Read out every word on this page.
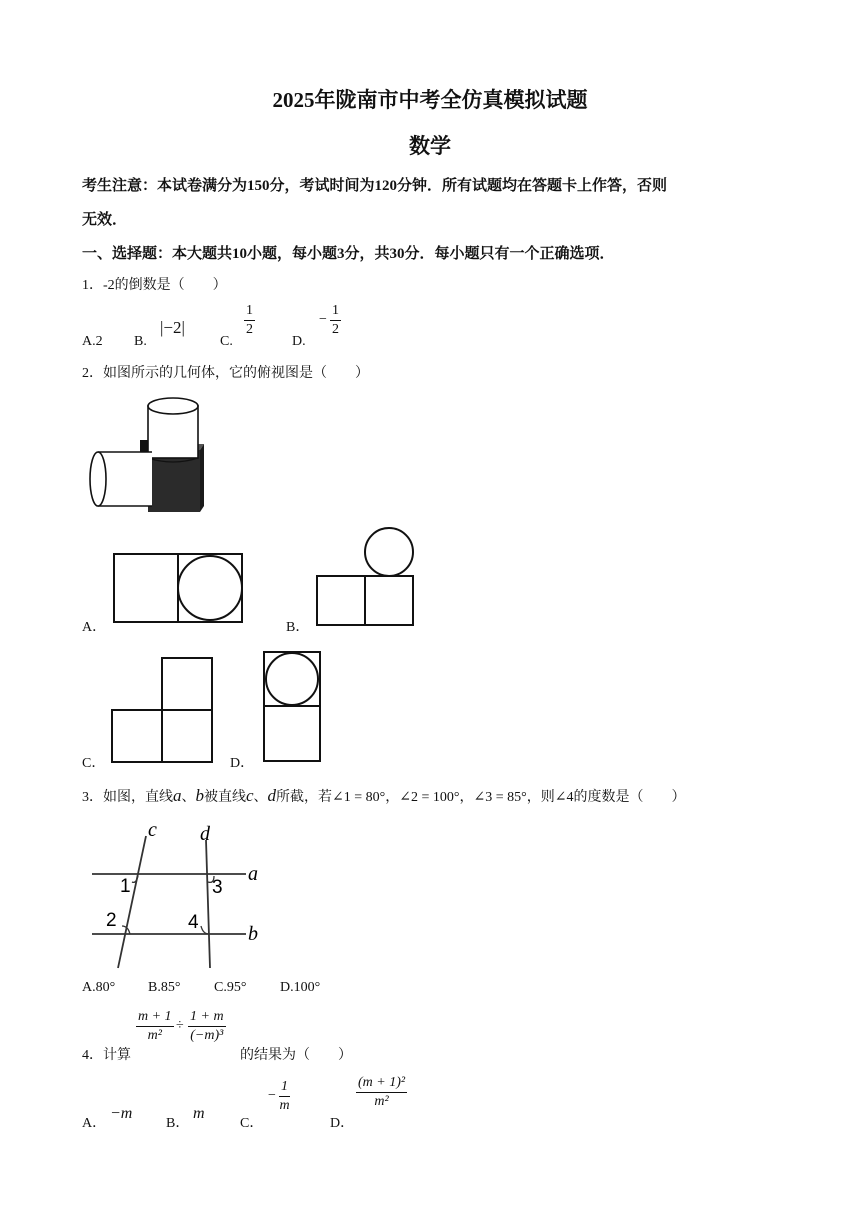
2025年陇南市中考全仿真模拟试题
数学
考生注意：本试卷满分为150分，考试时间为120分钟．所有试题均在答题卡上作答，否则
无效．
一、选择题：本大题共10小题，每小题3分，共30分．每小题只有一个正确选项．
1．-2的倒数是（　　）
A.2 B.
|−2|
C.
$\frac{1}{2}$
D.
− $\frac{1}{2}$
2．如图所示的几何体，它的俯视图是（　　）
A．	B．
C．	D．
3．如图，直线a、b被直线c、d所截，若∠1 = 80°，∠2 = 100°，∠3 = 85°，则∠4的度数是（　　）
c d
a
b
1
2
3
4
A.80° B.85° C.95° D.100°
4．计算
$\frac{m + 1}{\text{m²}} \div \frac{1 + m}{\text{(−m)³}}$
的结果为（　　）
A．
−m
B．
m
C．
− $\frac{1}{m}$
D．
$\frac{\text{(m + 1)²}}{\text{m²}}$
